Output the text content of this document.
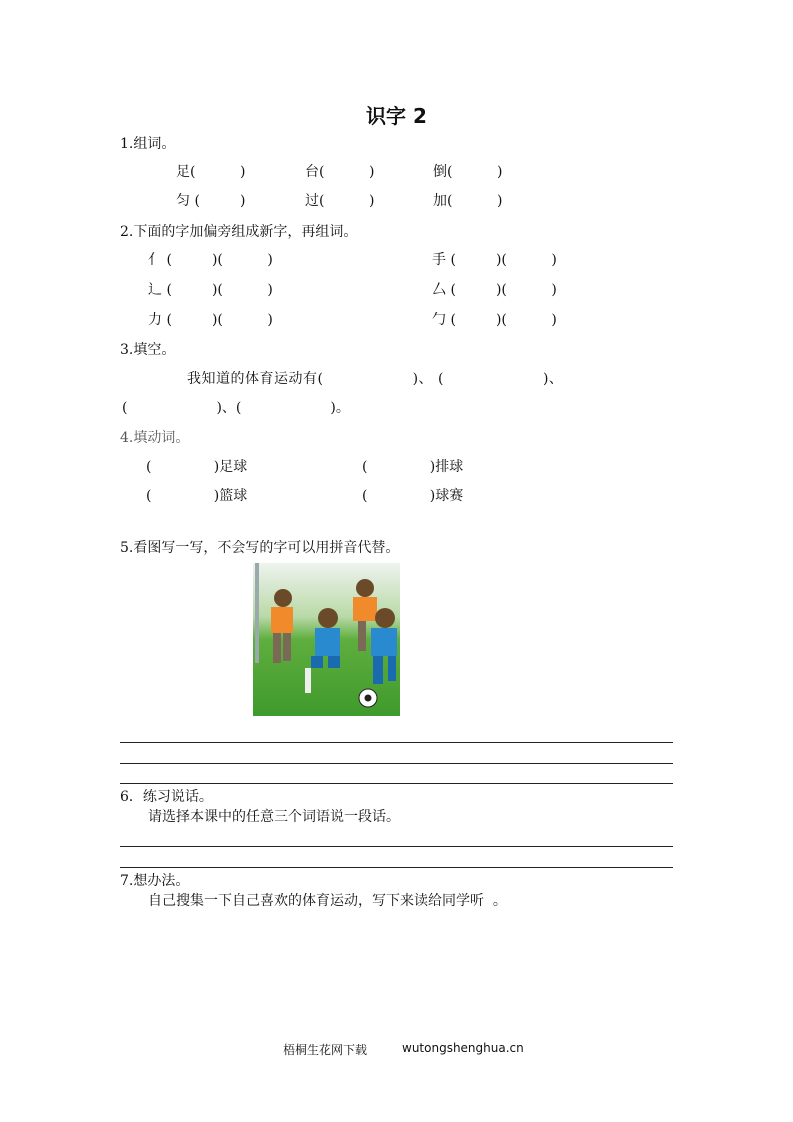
识字 2
1.组词。
足(          )	台(          )	倒(          )
匀 (         )	过(          )	加(          )
2.下面的字加偏旁组成新字，再组词。
亻 (         )(          )	手 (         )(          )
辶 (         )(          )	厶 (         )(          )
力 (         )(          )	勹 (         )(          )
3.填空。
我知道的体育运动有(                  )、 (                    )、
(                    )、(                    )。
4.填动词。
(              )足球	(              )排球
(              )篮球	(              )球赛
5.看图写一写，不会写的字可以用拼音代替。
6．练习说话。
请选择本课中的任意三个词语说一段话。
7.想办法。
自己搜集一下自己喜欢的体育运动，写下来读给同学听  。
梧桐生花网下载	wutongshenghua.cn
